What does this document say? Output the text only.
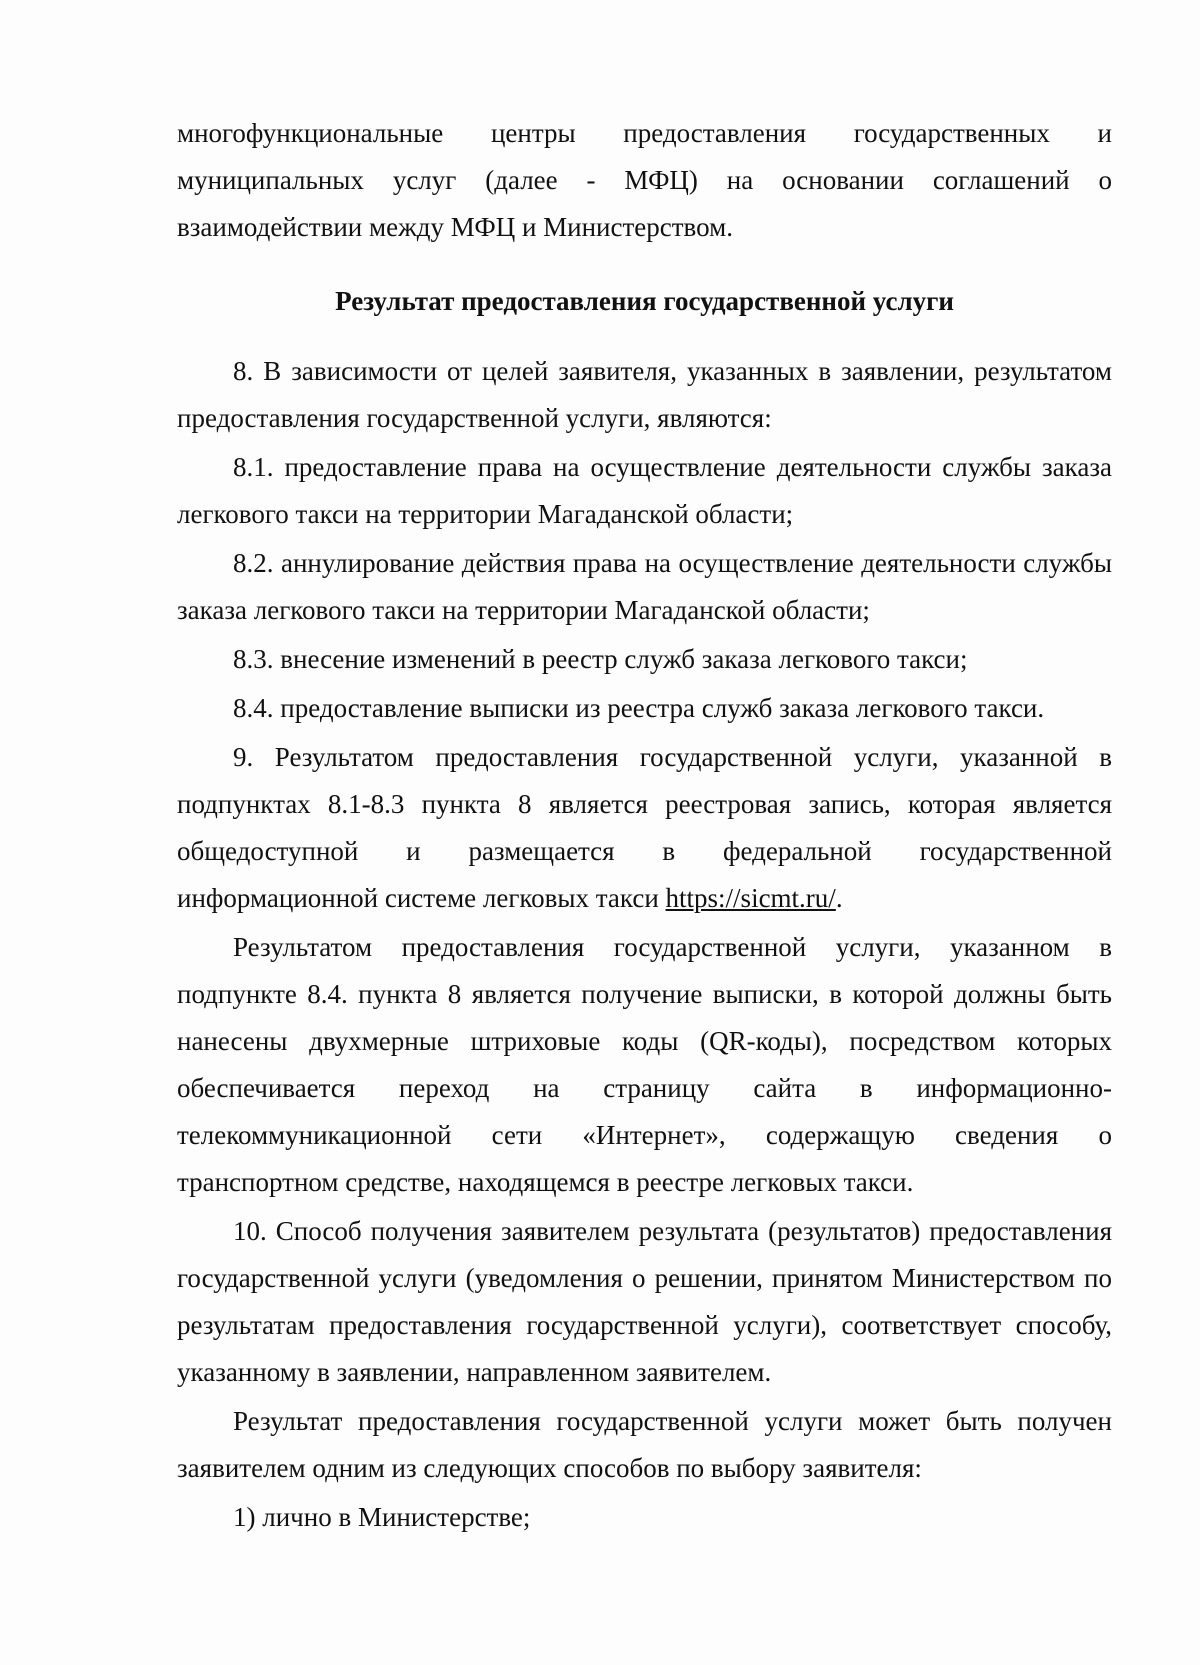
многофункциональные центры предоставления государственных и муниципальных услуг (далее - МФЦ) на основании соглашений о взаимодействии между МФЦ и Министерством.

Результат предоставления государственной услуги

8. В зависимости от целей заявителя, указанных в заявлении, результатом предоставления государственной услуги, являются:

8.1. предоставление права на осуществление деятельности службы заказа легкового такси на территории Магаданской области;

8.2. аннулирование действия права на осуществление деятельности службы заказа легкового такси на территории Магаданской области;

8.3. внесение изменений в реестр служб заказа легкового такси;

8.4. предоставление выписки из реестра служб заказа легкового такси.

9. Результатом предоставления государственной услуги, указанной в подпунктах 8.1-8.3 пункта 8 является реестровая запись, которая является общедоступной и размещается в федеральной государственной информационной системе легковых такси https://sicmt.ru/.

Результатом предоставления государственной услуги, указанном в подпункте 8.4. пункта 8 является получение выписки, в которой должны быть нанесены двухмерные штриховые коды (QR-коды), посредством которых обеспечивается переход на страницу сайта в информационно-телекоммуникационной сети «Интернет», содержащую сведения о транспортном средстве, находящемся в реестре легковых такси.

10. Способ получения заявителем результата (результатов) предоставления государственной услуги (уведомления о решении, принятом Министерством по результатам предоставления государственной услуги), соответствует способу, указанному в заявлении, направленном заявителем.

Результат предоставления государственной услуги может быть получен заявителем одним из следующих способов по выбору заявителя:

1) лично в Министерстве;
